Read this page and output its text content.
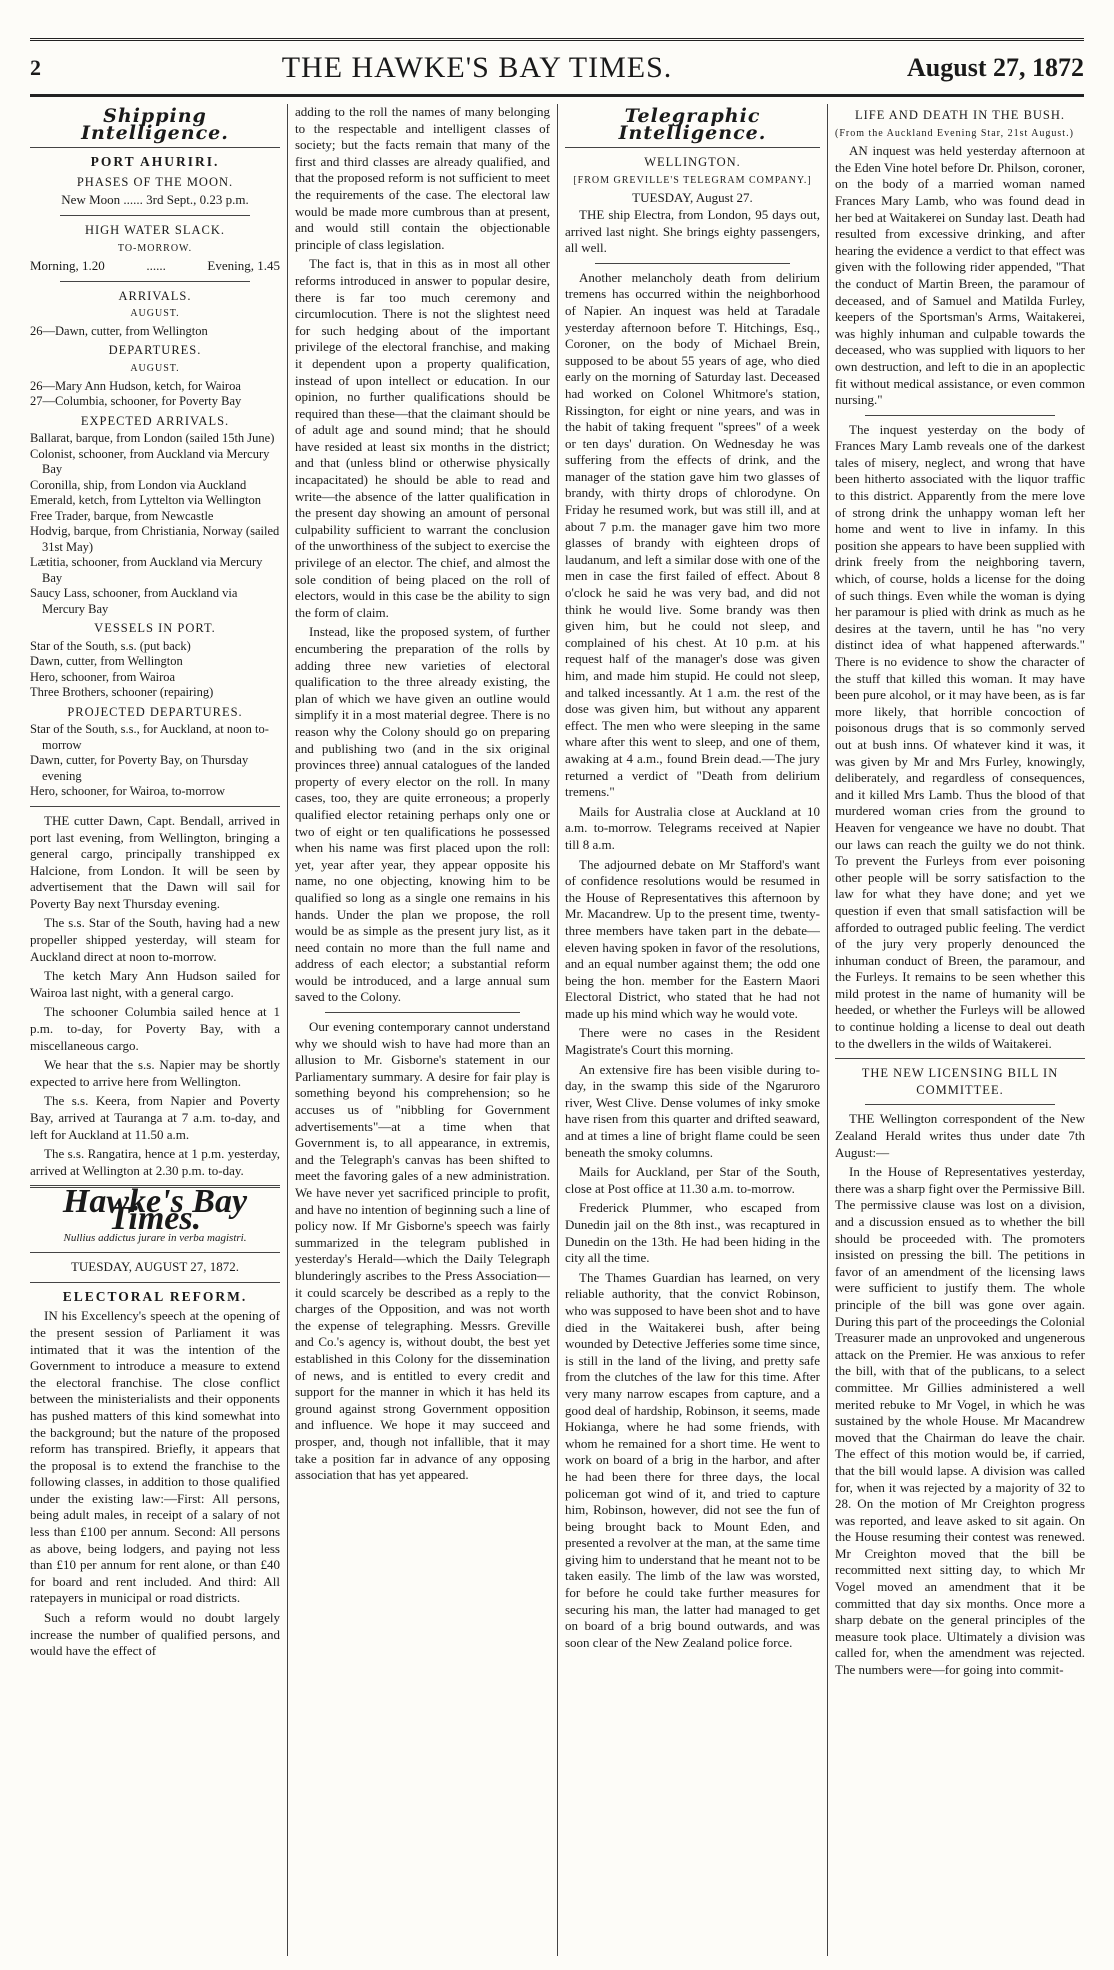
2	THE HAWKE'S BAY TIMES.	August 27, 1872
Shipping Intelligence.
PORT AHURIRI.
PHASES OF THE MOON.
New Moon ...... 3rd Sept., 0.23 p.m.
HIGH WATER SLACK.
TO-MORROW.
Morning, 1.20	......	Evening, 1.45
ARRIVALS.
AUGUST.
26—Dawn, cutter, from Wellington
DEPARTURES.
AUGUST.
26—Mary Ann Hudson, ketch, for Wairoa
27—Columbia, schooner, for Poverty Bay
EXPECTED ARRIVALS.
Ballarat, barque, from London (sailed 15th June)
Colonist, schooner, from Auckland via Mercury Bay
Coronilla, ship, from London via Auckland
Emerald, ketch, from Lyttelton via Wellington
Free Trader, barque, from Newcastle
Hodvig, barque, from Christiania, Norway (sailed 31st May)
Lætitia, schooner, from Auckland via Mercury Bay
Saucy Lass, schooner, from Auckland via Mercury Bay
VESSELS IN PORT.
Star of the South, s.s. (put back)
Dawn, cutter, from Wellington
Hero, schooner, from Wairoa
Three Brothers, schooner (repairing)
PROJECTED DEPARTURES.
Star of the South, s.s., for Auckland, at noon to-morrow
Dawn, cutter, for Poverty Bay, on Thursday evening
Hero, schooner, for Wairoa, to-morrow

THE cutter Dawn, Capt. Bendall, arrived in port last evening, from Wellington, bringing a general cargo, principally transhipped ex Halcione, from London. It will be seen by advertisement that the Dawn will sail for Poverty Bay next Thursday evening.

The s.s. Star of the South, having had a new propeller shipped yesterday, will steam for Auckland direct at noon to-morrow.

The ketch Mary Ann Hudson sailed for Wairoa last night, with a general cargo.

The schooner Columbia sailed hence at 1 p.m. to-day, for Poverty Bay, with a miscellaneous cargo.

We hear that the s.s. Napier may be shortly expected to arrive here from Wellington.

The s.s. Keera, from Napier and Poverty Bay, arrived at Tauranga at 7 a.m. to-day, and left for Auckland at 11.50 a.m.

The s.s. Rangatira, hence at 1 p.m. yesterday, arrived at Wellington at 2.30 p.m. to-day.

Hawke's Bay Times.
Nullius addictus jurare in verba magistri.
TUESDAY, AUGUST 27, 1872.
ELECTORAL REFORM.

IN his Excellency's speech at the opening of the present session of Parliament it was intimated that it was the intention of the Government to introduce a measure to extend the electoral franchise. The close conflict between the ministerialists and their opponents has pushed matters of this kind somewhat into the background; but the nature of the proposed reform has transpired. Briefly, it appears that the proposal is to extend the franchise to the following classes, in addition to those qualified under the existing law:—First: All persons, being adult males, in receipt of a salary of not less than £100 per annum. Second: All persons as above, being lodgers, and paying not less than £10 per annum for rent alone, or than £40 for board and rent included. And third: All ratepayers in municipal or road districts.

Such a reform would no doubt largely increase the number of qualified persons, and would have the effect of

adding to the roll the names of many belonging to the respectable and intelligent classes of society; but the facts remain that many of the first and third classes are already qualified, and that the proposed reform is not sufficient to meet the requirements of the case. The electoral law would be made more cumbrous than at present, and would still contain the objectionable principle of class legislation.

The fact is, that in this as in most all other reforms introduced in answer to popular desire, there is far too much ceremony and circumlocution. There is not the slightest need for such hedging about of the important privilege of the electoral franchise, and making it dependent upon a property qualification, instead of upon intellect or education. In our opinion, no further qualifications should be required than these—that the claimant should be of adult age and sound mind; that he should have resided at least six months in the district; and that (unless blind or otherwise physically incapacitated) he should be able to read and write—the absence of the latter qualification in the present day showing an amount of personal culpability sufficient to warrant the conclusion of the unworthiness of the subject to exercise the privilege of an elector. The chief, and almost the sole condition of being placed on the roll of electors, would in this case be the ability to sign the form of claim.

Instead, like the proposed system, of further encumbering the preparation of the rolls by adding three new varieties of electoral qualification to the three already existing, the plan of which we have given an outline would simplify it in a most material degree. There is no reason why the Colony should go on preparing and publishing two (and in the six original provinces three) annual catalogues of the landed property of every elector on the roll. In many cases, too, they are quite erroneous; a properly qualified elector retaining perhaps only one or two of eight or ten qualifications he possessed when his name was first placed upon the roll: yet, year after year, they appear opposite his name, no one objecting, knowing him to be qualified so long as a single one remains in his hands. Under the plan we propose, the roll would be as simple as the present jury list, as it need contain no more than the full name and address of each elector; a substantial reform would be introduced, and a large annual sum saved to the Colony.

Our evening contemporary cannot understand why we should wish to have had more than an allusion to Mr. Gisborne's statement in our Parliamentary summary. A desire for fair play is something beyond his comprehension; so he accuses us of "nibbling for Government advertisements"—at a time when that Government is, to all appearance, in extremis, and the Telegraph's canvas has been shifted to meet the favoring gales of a new administration. We have never yet sacrificed principle to profit, and have no intention of beginning such a line of policy now. If Mr Gisborne's speech was fairly summarized in the telegram published in yesterday's Herald—which the Daily Telegraph blunderingly ascribes to the Press Association—it could scarcely be described as a reply to the charges of the Opposition, and was not worth the expense of telegraphing. Messrs. Greville and Co.'s agency is, without doubt, the best yet established in this Colony for the dissemination of news, and is entitled to every credit and support for the manner in which it has held its ground against strong Government opposition and influence. We hope it may succeed and prosper, and, though not infallible, that it may take a position far in advance of any opposing association that has yet appeared.

Telegraphic Intelligence.
WELLINGTON.
[FROM GREVILLE'S TELEGRAM COMPANY.]
TUESDAY, August 27.

THE ship Electra, from London, 95 days out, arrived last night. She brings eighty passengers, all well.

Another melancholy death from delirium tremens has occurred within the neighborhood of Napier. An inquest was held at Taradale yesterday afternoon before T. Hitchings, Esq., Coroner, on the body of Michael Brein, supposed to be about 55 years of age, who died early on the morning of Saturday last. Deceased had worked on Colonel Whitmore's station, Rissington, for eight or nine years, and was in the habit of taking frequent "sprees" of a week or ten days' duration. On Wednesday he was suffering from the effects of drink, and the manager of the station gave him two glasses of brandy, with thirty drops of chlorodyne. On Friday he resumed work, but was still ill, and at about 7 p.m. the manager gave him two more glasses of brandy with eighteen drops of laudanum, and left a similar dose with one of the men in case the first failed of effect. About 8 o'clock he said he was very bad, and did not think he would live. Some brandy was then given him, but he could not sleep, and complained of his chest. At 10 p.m. at his request half of the manager's dose was given him, and made him stupid. He could not sleep, and talked incessantly. At 1 a.m. the rest of the dose was given him, but without any apparent effect. The men who were sleeping in the same whare after this went to sleep, and one of them, awaking at 4 a.m., found Brein dead.—The jury returned a verdict of "Death from delirium tremens."

Mails for Australia close at Auckland at 10 a.m. to-morrow. Telegrams received at Napier till 8 a.m.

The adjourned debate on Mr Stafford's want of confidence resolutions would be resumed in the House of Representatives this afternoon by Mr. Macandrew. Up to the present time, twenty-three members have taken part in the debate—eleven having spoken in favor of the resolutions, and an equal number against them; the odd one being the hon. member for the Eastern Maori Electoral District, who stated that he had not made up his mind which way he would vote.

There were no cases in the Resident Magistrate's Court this morning.

An extensive fire has been visible during to-day, in the swamp this side of the Ngaruroro river, West Clive. Dense volumes of inky smoke have risen from this quarter and drifted seaward, and at times a line of bright flame could be seen beneath the smoky columns.

Mails for Auckland, per Star of the South, close at Post office at 11.30 a.m. to-morrow.

Frederick Plummer, who escaped from Dunedin jail on the 8th inst., was recaptured in Dunedin on the 13th. He had been hiding in the city all the time.

The Thames Guardian has learned, on very reliable authority, that the convict Robinson, who was supposed to have been shot and to have died in the Waitakerei bush, after being wounded by Detective Jefferies some time since, is still in the land of the living, and pretty safe from the clutches of the law for this time. After very many narrow escapes from capture, and a good deal of hardship, Robinson, it seems, made Hokianga, where he had some friends, with whom he remained for a short time. He went to work on board of a brig in the harbor, and after he had been there for three days, the local policeman got wind of it, and tried to capture him, Robinson, however, did not see the fun of being brought back to Mount Eden, and presented a revolver at the man, at the same time giving him to understand that he meant not to be taken easily. The limb of the law was worsted, for before he could take further measures for securing his man, the latter had managed to get on board of a brig bound outwards, and was soon clear of the New Zealand police force.

LIFE AND DEATH IN THE BUSH.
(From the Auckland Evening Star, 21st August.)

AN inquest was held yesterday afternoon at the Eden Vine hotel before Dr. Philson, coroner, on the body of a married woman named Frances Mary Lamb, who was found dead in her bed at Waitakerei on Sunday last. Death had resulted from excessive drinking, and after hearing the evidence a verdict to that effect was given with the following rider appended, "That the conduct of Martin Breen, the paramour of deceased, and of Samuel and Matilda Furley, keepers of the Sportsman's Arms, Waitakerei, was highly inhuman and culpable towards the deceased, who was supplied with liquors to her own destruction, and left to die in an apoplectic fit without medical assistance, or even common nursing."

The inquest yesterday on the body of Frances Mary Lamb reveals one of the darkest tales of misery, neglect, and wrong that have been hitherto associated with the liquor traffic to this district. Apparently from the mere love of strong drink the unhappy woman left her home and went to live in infamy. In this position she appears to have been supplied with drink freely from the neighboring tavern, which, of course, holds a license for the doing of such things. Even while the woman is dying her paramour is plied with drink as much as he desires at the tavern, until he has "no very distinct idea of what happened afterwards." There is no evidence to show the character of the stuff that killed this woman. It may have been pure alcohol, or it may have been, as is far more likely, that horrible concoction of poisonous drugs that is so commonly served out at bush inns. Of whatever kind it was, it was given by Mr and Mrs Furley, knowingly, deliberately, and regardless of consequences, and it killed Mrs Lamb. Thus the blood of that murdered woman cries from the ground to Heaven for vengeance we have no doubt. That our laws can reach the guilty we do not think. To prevent the Furleys from ever poisoning other people will be sorry satisfaction to the law for what they have done; and yet we question if even that small satisfaction will be afforded to outraged public feeling. The verdict of the jury very properly denounced the inhuman conduct of Breen, the paramour, and the Furleys. It remains to be seen whether this mild protest in the name of humanity will be heeded, or whether the Furleys will be allowed to continue holding a license to deal out death to the dwellers in the wilds of Waitakerei.

THE NEW LICENSING BILL IN COMMITTEE.

THE Wellington correspondent of the New Zealand Herald writes thus under date 7th August:—

In the House of Representatives yesterday, there was a sharp fight over the Permissive Bill. The permissive clause was lost on a division, and a discussion ensued as to whether the bill should be proceeded with. The promoters insisted on pressing the bill. The petitions in favor of an amendment of the licensing laws were sufficient to justify them. The whole principle of the bill was gone over again. During this part of the proceedings the Colonial Treasurer made an unprovoked and ungenerous attack on the Premier. He was anxious to refer the bill, with that of the publicans, to a select committee. Mr Gillies administered a well merited rebuke to Mr Vogel, in which he was sustained by the whole House. Mr Macandrew moved that the Chairman do leave the chair. The effect of this motion would be, if carried, that the bill would lapse. A division was called for, when it was rejected by a majority of 32 to 28. On the motion of Mr Creighton progress was reported, and leave asked to sit again. On the House resuming their contest was renewed. Mr Creighton moved that the bill be recommitted next sitting day, to which Mr Vogel moved an amendment that it be committed that day six months. Once more a sharp debate on the general principles of the measure took place. Ultimately a division was called for, when the amendment was rejected. The numbers were—for going into commit-
